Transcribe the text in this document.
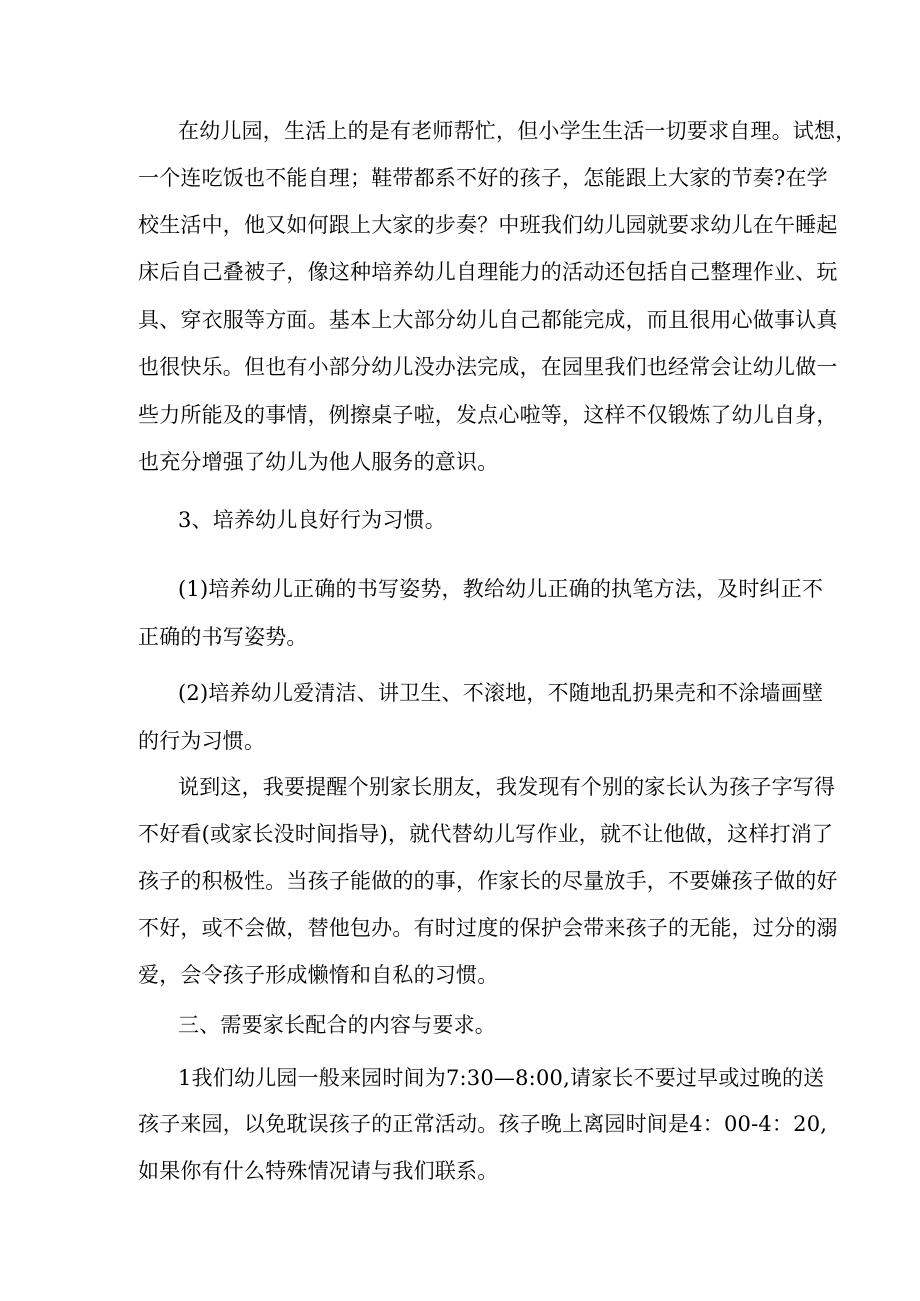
在幼儿园，生活上的是有老师帮忙，但小学生生活一切要求自理。试想，
一个连吃饭也不能自理；鞋带都系不好的孩子，怎能跟上大家的节奏?在学
校生活中，他又如何跟上大家的步奏？中班我们幼儿园就要求幼儿在午睡起
床后自己叠被子，像这种培养幼儿自理能力的活动还包括自己整理作业、玩
具、穿衣服等方面。基本上大部分幼儿自己都能完成，而且很用心做事认真
也很快乐。但也有小部分幼儿没办法完成，在园里我们也经常会让幼儿做一
些力所能及的事情，例擦桌子啦，发点心啦等，这样不仅锻炼了幼儿自身，
也充分增强了幼儿为他人服务的意识。
3、培养幼儿良好行为习惯。
(1)培养幼儿正确的书写姿势，教给幼儿正确的执笔方法，及时纠正不
正确的书写姿势。
(2)培养幼儿爱清洁、讲卫生、不滚地，不随地乱扔果壳和不涂墙画壁
的行为习惯。
说到这，我要提醒个别家长朋友，我发现有个别的家长认为孩子字写得
不好看(或家长没时间指导)，就代替幼儿写作业，就不让他做，这样打消了
孩子的积极性。当孩子能做的的事，作家长的尽量放手，不要嫌孩子做的好
不好，或不会做，替他包办。有时过度的保护会带来孩子的无能，过分的溺
爱，会令孩子形成懒惰和自私的习惯。
三、需要家长配合的内容与要求。
1我们幼儿园一般来园时间为7:30—8:00,请家长不要过早或过晚的送
孩子来园，以免耽误孩子的正常活动。孩子晚上离园时间是4：00-4：20,
如果你有什么特殊情况请与我们联系。
